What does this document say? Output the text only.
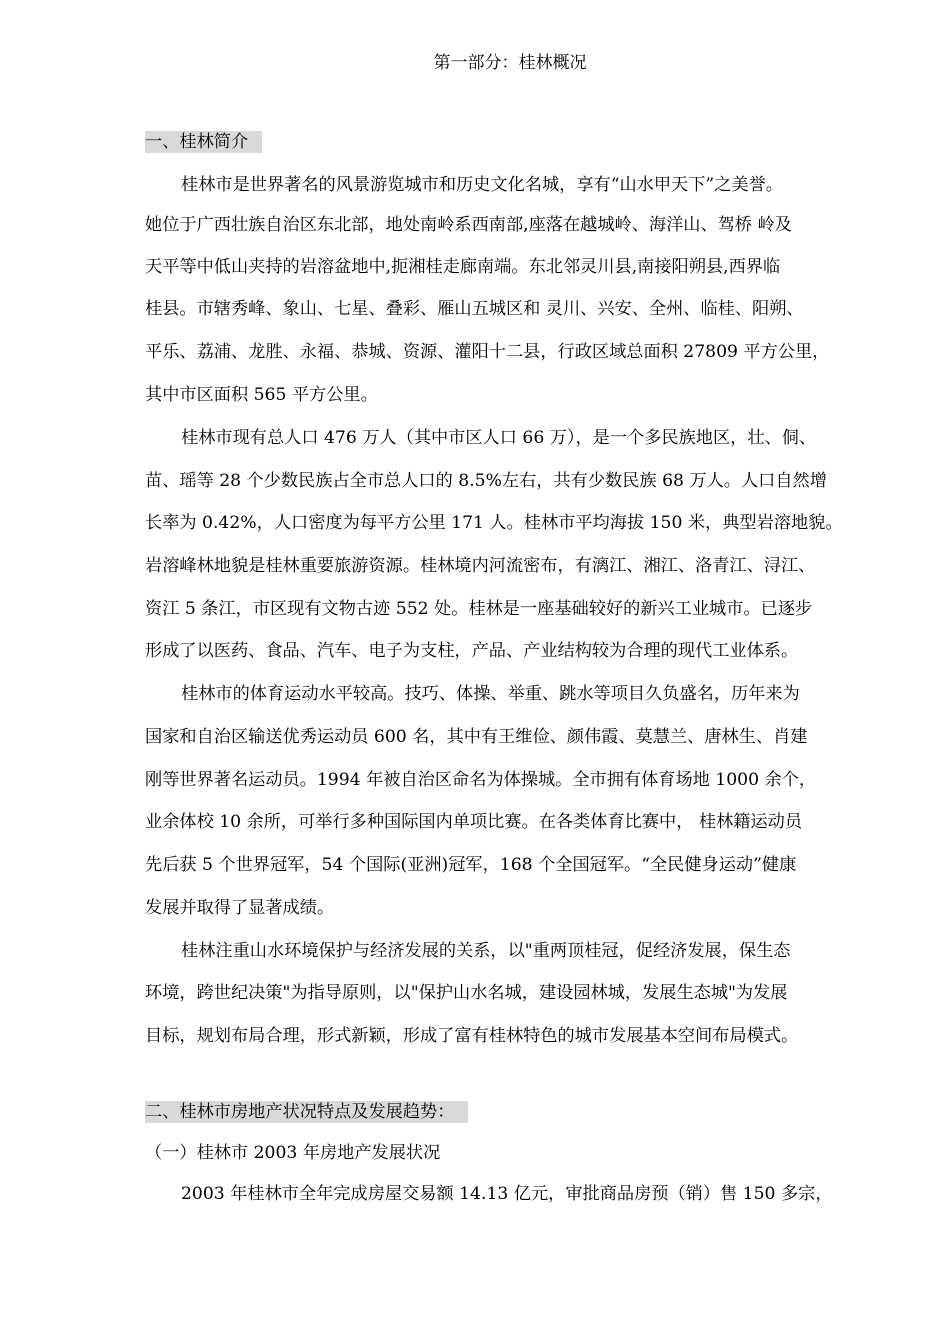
第一部分：桂林概况
一、桂林简介
桂林市是世界著名的风景游览城市和历史文化名城，享有“山水甲天下”之美誉。
她位于广西壮族自治区东北部，地处南岭系西南部,座落在越城岭、海洋山、驾桥 岭及
天平等中低山夹持的岩溶盆地中,扼湘桂走廊南端。东北邻灵川县,南接阳朔县,西界临
桂县。市辖秀峰、象山、七星、叠彩、雁山五城区和 灵川、兴安、全州、临桂、阳朔、
平乐、荔浦、龙胜、永福、恭城、资源、灌阳十二县，行政区域总面积 27809 平方公里，
其中市区面积 565 平方公里。
桂林市现有总人口 476 万人（其中市区人口 66 万），是一个多民族地区，壮、侗、
苗、瑶等 28 个少数民族占全市总人口的 8.5%左右，共有少数民族 68 万人。人口自然增
长率为 0.42%，人口密度为每平方公里 171 人。桂林市平均海拔 150 米，典型岩溶地貌。
岩溶峰林地貌是桂林重要旅游资源。桂林境内河流密布，有漓江、湘江、洛青江、浔江、
资江 5 条江，市区现有文物古迹 552 处。桂林是一座基础较好的新兴工业城市。已逐步
形成了以医药、食品、汽车、电子为支柱，产品、产业结构较为合理的现代工业体系。
桂林市的体育运动水平较高。技巧、体操、举重、跳水等项目久负盛名，历年来为
国家和自治区输送优秀运动员 600 名，其中有王维俭、颜伟霞、莫慧兰、唐林生、肖建
刚等世界著名运动员。1994 年被自治区命名为体操城。全市拥有体育场地 1000 余个，
业余体校 10 余所，可举行多种国际国内单项比赛。在各类体育比赛中， 桂林籍运动员
先后获 5 个世界冠军，54 个国际(亚洲)冠军，168 个全国冠军。“全民健身运动”健康
发展并取得了显著成绩。
桂林注重山水环境保护与经济发展的关系，以"重两顶桂冠，促经济发展，保生态
环境，跨世纪决策"为指导原则，以"保护山水名城，建设园林城，发展生态城"为发展
目标，规划布局合理，形式新颖，形成了富有桂林特色的城市发展基本空间布局模式。
二、桂林市房地产状况特点及发展趋势：
（一）桂林市 2003 年房地产发展状况
2003 年桂林市全年完成房屋交易额 14.13 亿元，审批商品房预（销）售 150 多宗，
